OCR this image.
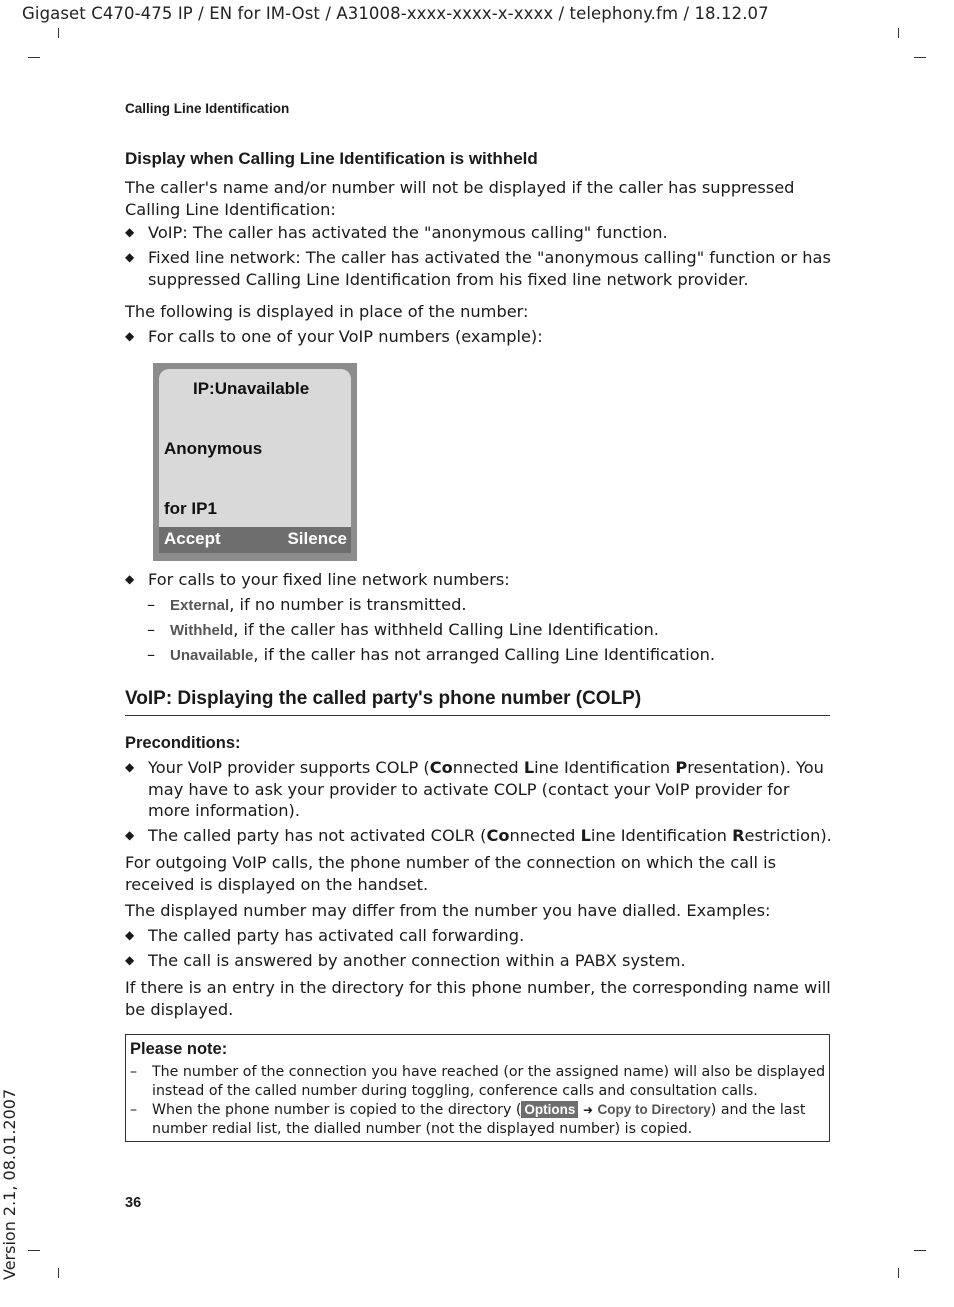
Gigaset C470-475 IP / EN for IM-Ost / A31008-xxxx-xxxx-x-xxxx / telephony.fm / 18.12.07
Calling Line Identification
Display when Calling Line Identification is withheld
The caller's name and/or number will not be displayed if the caller has suppressed Calling Line Identification:
◆ VoIP: The caller has activated the "anonymous calling" function.
◆ Fixed line network: The caller has activated the "anonymous calling" function or has suppressed Calling Line Identification from his fixed line network provider.
The following is displayed in place of the number:
◆ For calls to one of your VoIP numbers (example):
IP:Unavailable
Anonymous
for IP1
Accept	Silence
◆ For calls to your fixed line network numbers:
– External, if no number is transmitted.
– Withheld, if the caller has withheld Calling Line Identification.
– Unavailable, if the caller has not arranged Calling Line Identification.
VoIP: Displaying the called party's phone number (COLP)
Preconditions:
◆ Your VoIP provider supports COLP (Connected Line Identification Presentation). You may have to ask your provider to activate COLP (contact your VoIP provider for more information).
◆ The called party has not activated COLR (Connected Line Identification Restriction).
For outgoing VoIP calls, the phone number of the connection on which the call is received is displayed on the handset.
The displayed number may differ from the number you have dialled. Examples:
◆ The called party has activated call forwarding.
◆ The call is answered by another connection within a PABX system.
If there is an entry in the directory for this phone number, the corresponding name will be displayed.
Please note:
– The number of the connection you have reached (or the assigned name) will also be displayed instead of the called number during toggling, conference calls and consultation calls.
– When the phone number is copied to the directory ( Options ➜ Copy to Directory) and the last number redial list, the dialled number (not the displayed number) is copied.
36
Version 2.1, 08.01.2007
